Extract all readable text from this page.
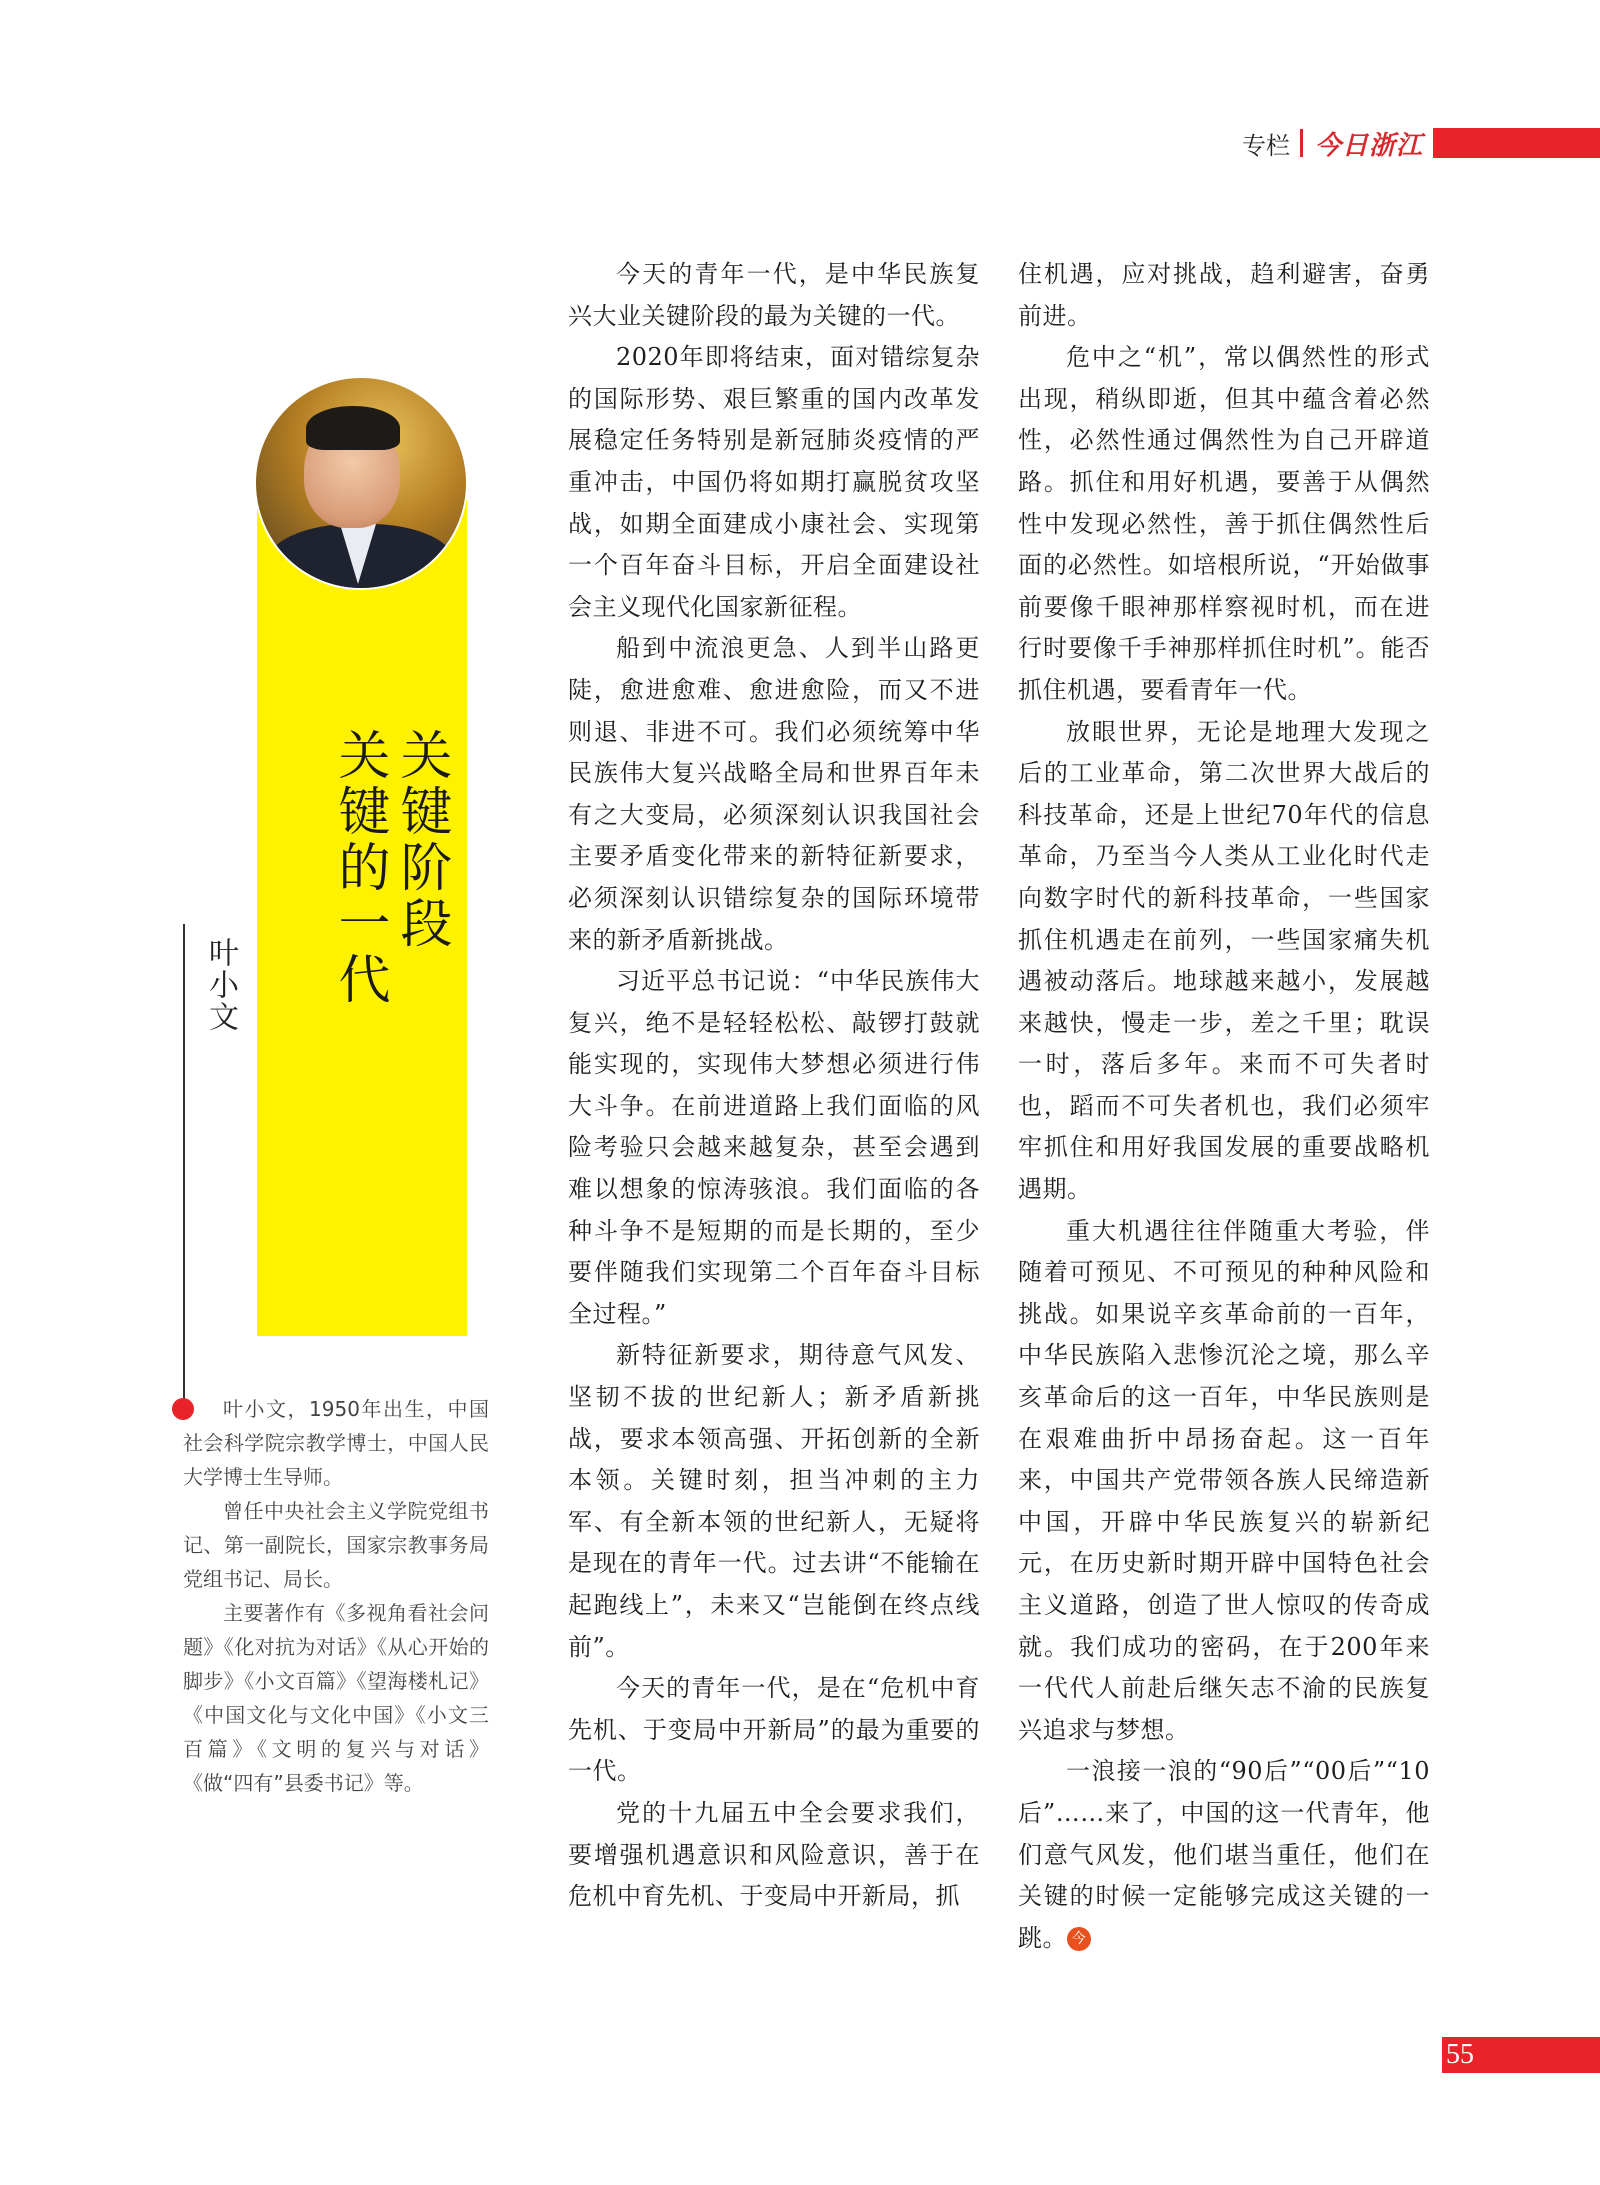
专栏 今日浙江
关键阶段
关键的一代
叶小文

叶小文，1950年出生，中国社会科学院宗教学博士，中国人民大学博士生导师。

曾任中央社会主义学院党组书记、第一副院长，国家宗教事务局党组书记、局长。

主要著作有《多视角看社会问题》《化对抗为对话》《从心开始的脚步》《小文百篇》《望海楼札记》《中国文化与文化中国》《小文三百篇》《文明的复兴与对话》《做“四有”县委书记》等。

今天的青年一代，是中华民族复兴大业关键阶段的最为关键的一代。

2020年即将结束，面对错综复杂的国际形势、艰巨繁重的国内改革发展稳定任务特别是新冠肺炎疫情的严重冲击，中国仍将如期打赢脱贫攻坚战，如期全面建成小康社会、实现第一个百年奋斗目标，开启全面建设社会主义现代化国家新征程。

船到中流浪更急、人到半山路更陡，愈进愈难、愈进愈险，而又不进则退、非进不可。我们必须统筹中华民族伟大复兴战略全局和世界百年未有之大变局，必须深刻认识我国社会主要矛盾变化带来的新特征新要求，必须深刻认识错综复杂的国际环境带来的新矛盾新挑战。

习近平总书记说：“中华民族伟大复兴，绝不是轻轻松松、敲锣打鼓就能实现的，实现伟大梦想必须进行伟大斗争。在前进道路上我们面临的风险考验只会越来越复杂，甚至会遇到难以想象的惊涛骇浪。我们面临的各种斗争不是短期的而是长期的，至少要伴随我们实现第二个百年奋斗目标全过程。”

新特征新要求，期待意气风发、坚韧不拔的世纪新人；新矛盾新挑战，要求本领高强、开拓创新的全新本领。关键时刻，担当冲刺的主力军、有全新本领的世纪新人，无疑将是现在的青年一代。过去讲“不能输在起跑线上”，未来又“岂能倒在终点线前”。

今天的青年一代，是在“危机中育先机、于变局中开新局”的最为重要的一代。

党的十九届五中全会要求我们，要增强机遇意识和风险意识，善于在危机中育先机、于变局中开新局，抓

住机遇，应对挑战，趋利避害，奋勇前进。

危中之“机”，常以偶然性的形式出现，稍纵即逝，但其中蕴含着必然性，必然性通过偶然性为自己开辟道路。抓住和用好机遇，要善于从偶然性中发现必然性，善于抓住偶然性后面的必然性。如培根所说，“开始做事前要像千眼神那样察视时机，而在进行时要像千手神那样抓住时机”。能否抓住机遇，要看青年一代。

放眼世界，无论是地理大发现之后的工业革命，第二次世界大战后的科技革命，还是上世纪70年代的信息革命，乃至当今人类从工业化时代走向数字时代的新科技革命，一些国家抓住机遇走在前列，一些国家痛失机遇被动落后。地球越来越小，发展越来越快，慢走一步，差之千里；耽误一时，落后多年。来而不可失者时也，蹈而不可失者机也，我们必须牢牢抓住和用好我国发展的重要战略机遇期。

重大机遇往往伴随重大考验，伴随着可预见、不可预见的种种风险和挑战。如果说辛亥革命前的一百年，中华民族陷入悲惨沉沦之境，那么辛亥革命后的这一百年，中华民族则是在艰难曲折中昂扬奋起。这一百年来，中国共产党带领各族人民缔造新中国，开辟中华民族复兴的崭新纪元，在历史新时期开辟中国特色社会主义道路，创造了世人惊叹的传奇成就。我们成功的密码，在于200年来一代代人前赴后继矢志不渝的民族复兴追求与梦想。

一浪接一浪的“90后”“00后”“10后”……来了，中国的这一代青年，他们意气风发，他们堪当重任，他们在关键的时候一定能够完成这关键的一跳。 今

55
